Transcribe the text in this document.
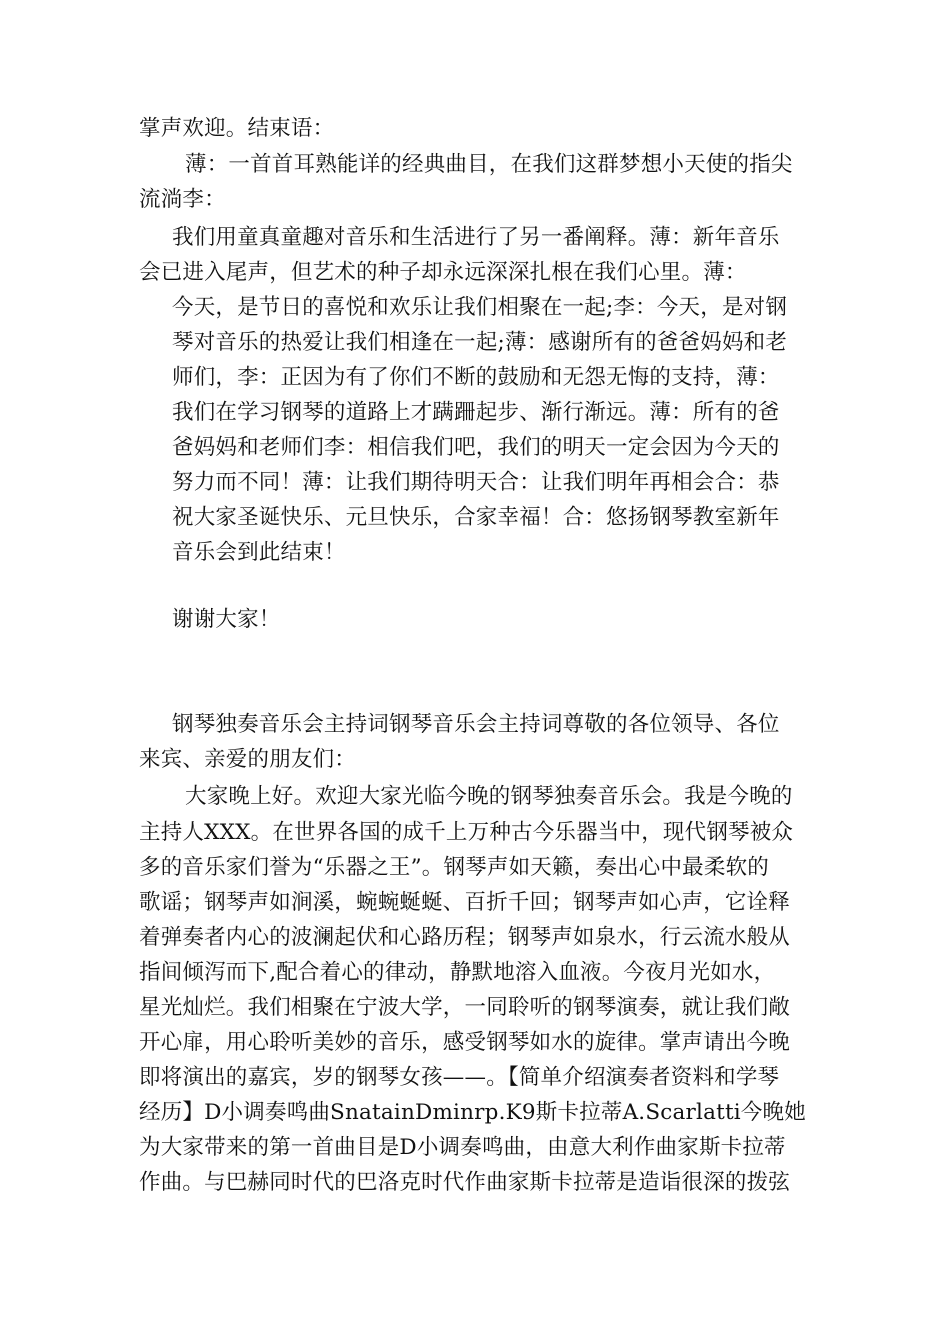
掌声欢迎。结束语：
薄：一首首耳熟能详的经典曲目，在我们这群梦想小天使的指尖
流淌李：
我们用童真童趣对音乐和生活进行了另一番阐释。薄：新年音乐
会已进入尾声，但艺术的种子却永远深深扎根在我们心里。薄：
今天，是节日的喜悦和欢乐让我们相聚在一起;李：今天，是对钢
琴对音乐的热爱让我们相逢在一起;薄：感谢所有的爸爸妈妈和老
师们，李：正因为有了你们不断的鼓励和无怨无悔的支持，薄：
我们在学习钢琴的道路上才蹒跚起步、渐行渐远。薄：所有的爸
爸妈妈和老师们李：相信我们吧，我们的明天一定会因为今天的
努力而不同！薄：让我们期待明天合：让我们明年再相会合：恭
祝大家圣诞快乐、元旦快乐，合家幸福！合：悠扬钢琴教室新年
音乐会到此结束！
谢谢大家！
钢琴独奏音乐会主持词钢琴音乐会主持词尊敬的各位领导、各位
来宾、亲爱的朋友们：
大家晚上好。欢迎大家光临今晚的钢琴独奏音乐会。我是今晚的
主持人XXX。在世界各国的成千上万种古今乐器当中，现代钢琴被众
多的音乐家们誉为“乐器之王”。钢琴声如天籁，奏出心中最柔软的
歌谣；钢琴声如涧溪，蜿蜿蜒蜒、百折千回；钢琴声如心声，它诠释
着弹奏者内心的波澜起伏和心路历程；钢琴声如泉水，行云流水般从
指间倾泻而下,配合着心的律动，静默地溶入血液。今夜月光如水，
星光灿烂。我们相聚在宁波大学，一同聆听的钢琴演奏，就让我们敞
开心扉，用心聆听美妙的音乐，感受钢琴如水的旋律。掌声请出今晚
即将演出的嘉宾，岁的钢琴女孩——。【简单介绍演奏者资料和学琴
经历】D小调奏鸣曲SnatainDminrp.K9斯卡拉蒂A.Scarlatti今晚她
为大家带来的第一首曲目是D小调奏鸣曲，由意大利作曲家斯卡拉蒂
作曲。与巴赫同时代的巴洛克时代作曲家斯卡拉蒂是造诣很深的拨弦
